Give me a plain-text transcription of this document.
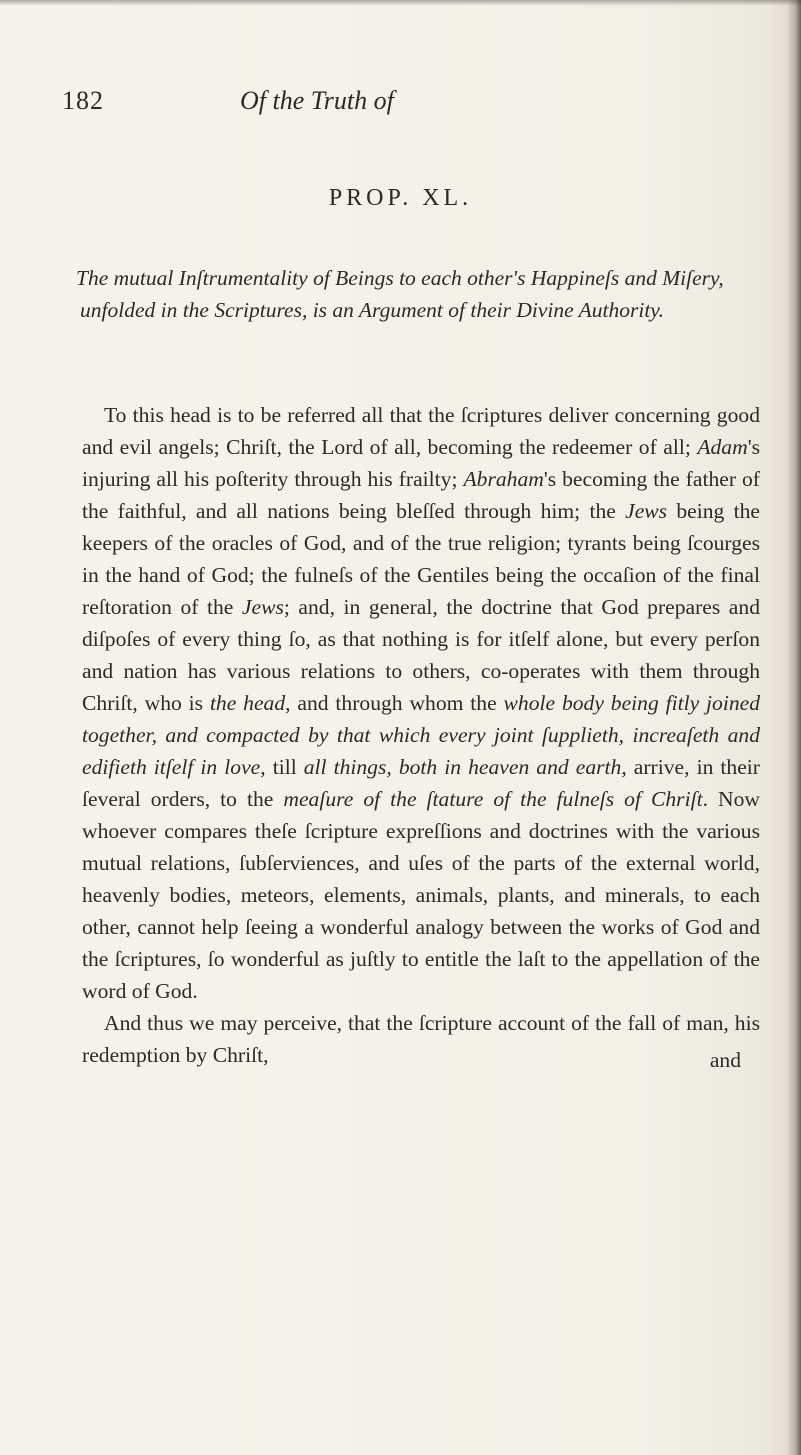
182	Of the Truth of
PROP. XL.

The mutual Inſtrumentality of Beings to each other's Happineſs and Miſery, unfolded in the Scriptures, is an Argument of their Divine Authority.

To this head is to be referred all that the ſcriptures deliver concerning good and evil angels; Chriſt, the Lord of all, becoming the redeemer of all; Adam's injuring all his poſterity through his frailty; Abraham's becoming the father of the faithful, and all nations being bleſſed through him; the Jews being the keepers of the oracles of God, and of the true religion; tyrants being ſcourges in the hand of God; the fulneſs of the Gentiles being the occaſion of the final reſtoration of the Jews; and, in general, the doctrine that God prepares and diſpoſes of every thing ſo, as that nothing is for itſelf alone, but every perſon and nation has various relations to others, co-operates with them through Chriſt, who is the head, and through whom the whole body being fitly joined together, and compacted by that which every joint ſupplieth, increaſeth and edifieth itſelf in love, till all things, both in heaven and earth, arrive, in their ſeveral orders, to the meaſure of the ſtature of the fulneſs of Chriſt. Now whoever compares theſe ſcripture expreſſions and doctrines with the various mutual relations, ſubſerviences, and uſes of the parts of the external world, heavenly bodies, meteors, elements, animals, plants, and minerals, to each other, cannot help ſeeing a wonderful analogy between the works of God and the ſcriptures, ſo wonderful as juſtly to entitle the laſt to the appellation of the word of God.

And thus we may perceive, that the ſcripture account of the fall of man, his redemption by Chriſt,	and
